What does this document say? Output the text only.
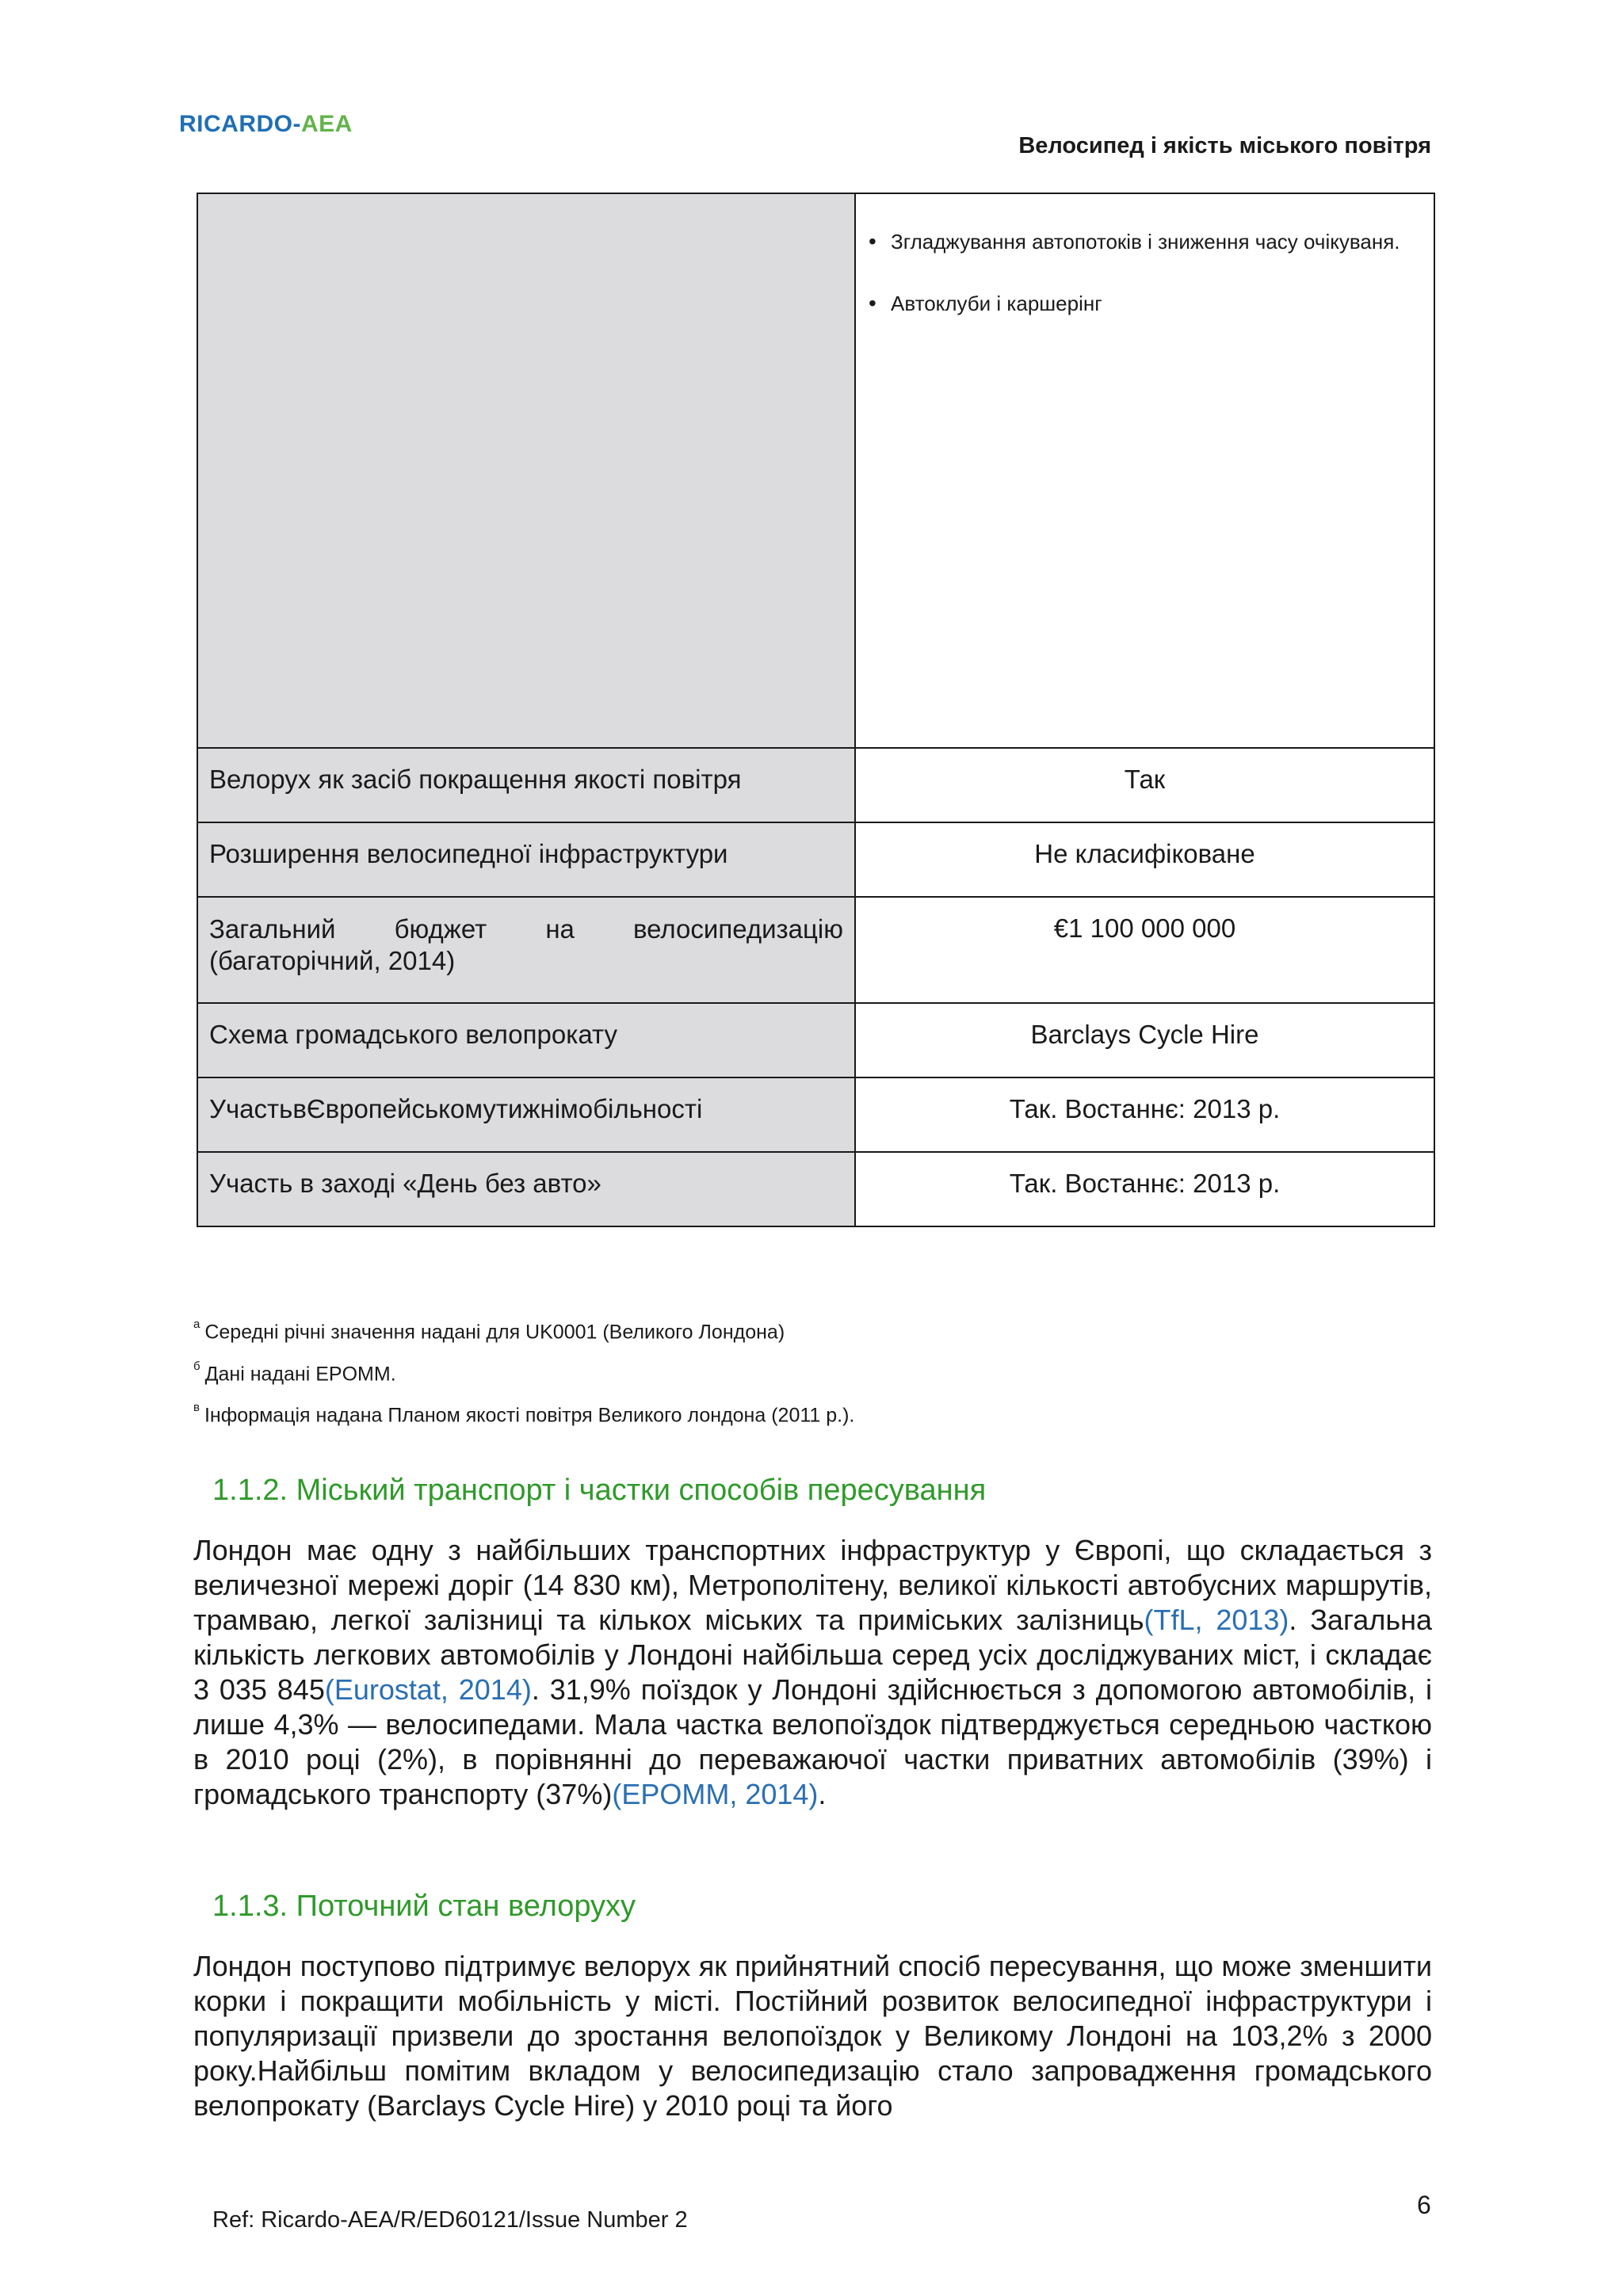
RICARDO-AEA
Велосипед і якість міського повітря

	• Згладжування автопотоків і зниження часу очікуваня.
• Автоклуби і каршерінг

Велорух як засіб покращення якості повітря	Так
Розширення велосипедної інфраструктури	Не класифіковане
Загальний бюджет на велосипедизацію (багаторічний, 2014)	€1 100 000 000
Схема громадського велопрокату	Barclays Cycle Hire
УчастьвЄвропейськомутижнімобільності	Так. Востаннє: 2013 р.
Участь в заході «День без авто»	Так. Востаннє: 2013 р.
$^а$ Середні річні значення надані для UK0001 (Великого Лондона)
$^б$ Дані надані EPOMM.
$^в$ Інформація надана Планом якості повітря Великого лондона (2011 р.).
1.1.2. Міський транспорт і частки способів пересування

Лондон має одну з найбільших транспортних інфраструктур у Європі, що складається з величезної мережі доріг (14 830 км), Метрополітену, великої кількості автобусних маршрутів, трамваю, легкої залізниці та кількох міських та приміських залізниць(TfL, 2013). Загальна кількість легкових автомобілів у Лондоні найбільша серед усіх досліджуваних міст, і складає 3 035 845(Eurostat, 2014). 31,9% поїздок у Лондоні здійснюється з допомогою автомобілів, і лише 4,3% — велосипедами. Мала частка велопоїздок підтверджується середньою часткою в 2010 році (2%), в порівнянні до переважаючої частки приватних автомобілів (39%) і громадського транспорту (37%)(EPOMM, 2014).

1.1.3. Поточний стан велоруху

Лондон поступово підтримує велорух як прийнятний спосіб пересування, що може зменшити корки і покращити мобільність у місті. Постійний розвиток велосипедної інфраструктури і популяризації призвели до зростання велопоїздок у Великому Лондоні на 103,2% з 2000 року.Найбільш помітим вкладом у велосипедизацію стало запровадження громадського велопрокату (Barclays Cycle Hire) у 2010 році та його

Ref: Ricardo-AEA/R/ED60121/Issue Number 2
6
